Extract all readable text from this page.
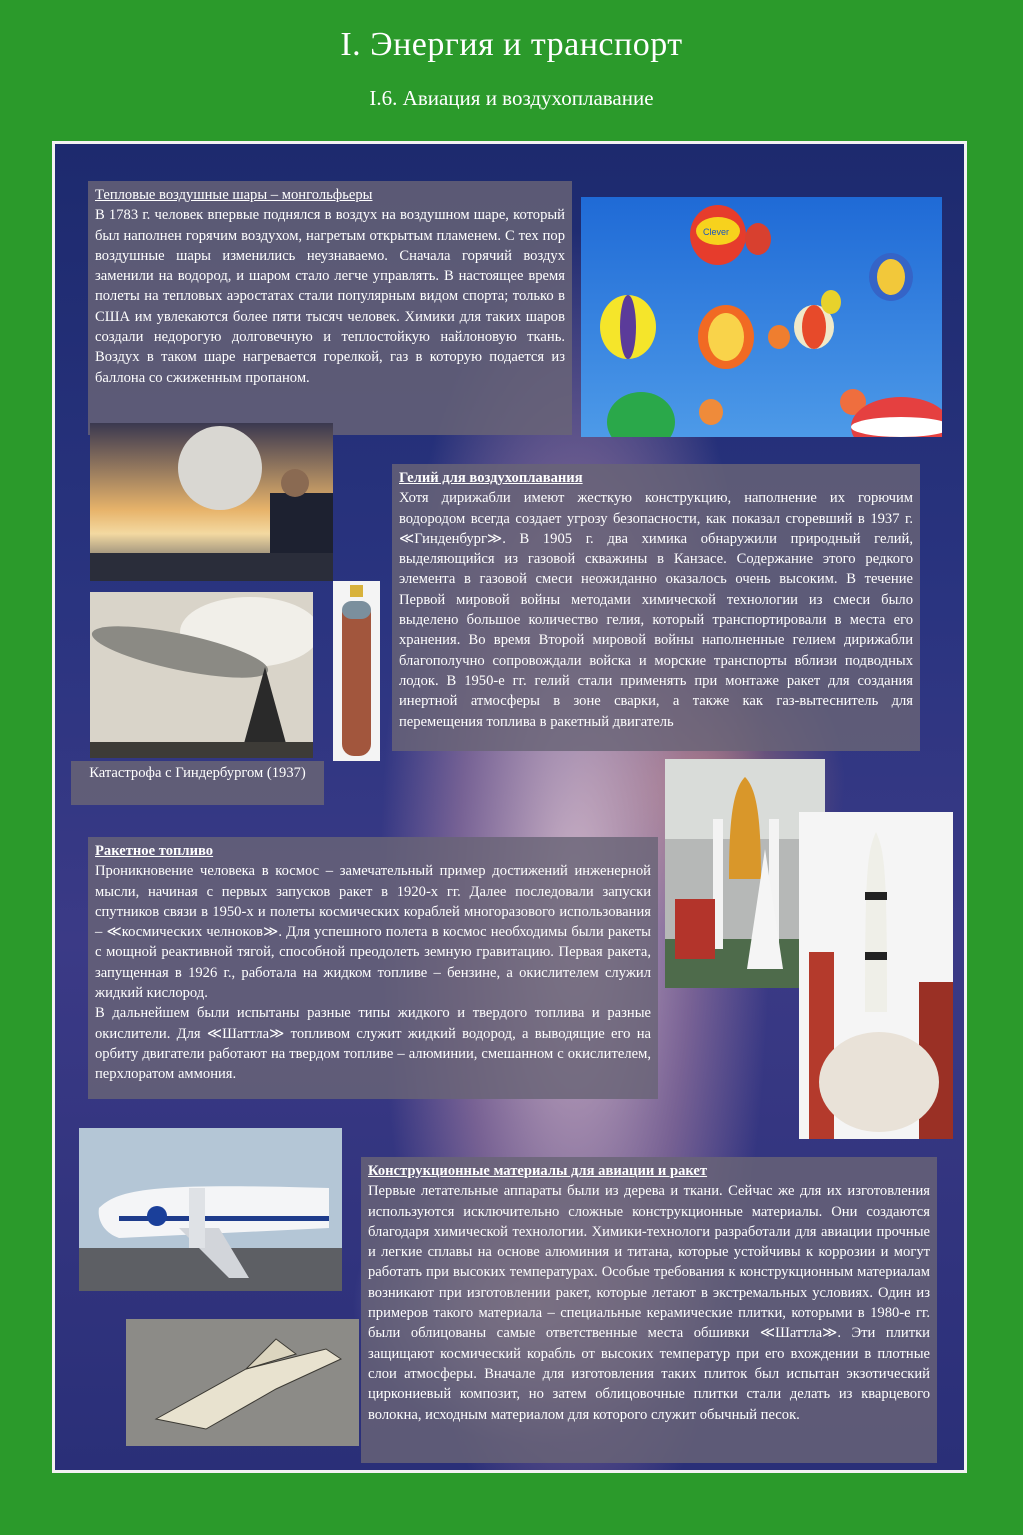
I. Энергия и транспорт
I.6. Авиация и воздухоплавание
Тепловые воздушные шары – монгольфьеры
В 1783 г. человек впервые поднялся в воздух на воздушном шаре, который был наполнен горячим воздухом, нагретым открытым пламенем. С тех пор воздушные шары изменились неузнаваемо. Сначала горячий воздух заменили на водород, и шаром стало легче управлять. В настоящее время полеты на тепловых аэростатах стали популярным видом спорта; только в США им увлекаются более пяти тысяч человек. Химики для таких шаров создали недорогую долговечную и теплостойкую найлоновую ткань. Воздух в таком шаре нагревается горелкой, газ в которую подается из баллона со сжиженным пропаном.
Clever
Гелий для воздухоплавания
Хотя дирижабли имеют жесткую конструкцию, наполнение их горючим водородом всегда создает угрозу безопасности, как показал сгоревший в 1937 г. ≪Гинденбург≫. В 1905 г. два химика обнаружили природный гелий, выделяющийся из газовой скважины в Канзасе. Содержание этого редкого элемента в газовой смеси неожиданно оказалось очень высоким. В течение Первой мировой войны методами химической технологии из смеси было выделено большое количество гелия, который транспортировали в места его хранения. Во время Второй мировой войны наполненные гелием дирижабли благополучно сопровождали войска и морские транспорты вблизи подводных лодок. В 1950-е гг. гелий стали применять при монтаже ракет для создания инертной атмосферы в зоне сварки, а также как газ-вытеснитель для перемещения топлива в ракетный двигатель
Катастрофа с Гиндербургом (1937)
Ракетное топливо
Проникновение человека в космос – замечательный пример достижений инженерной мысли, начиная с первых запусков ракет в 1920-х гг. Далее последовали запуски спутников связи в 1950-х и полеты космических кораблей многоразового использования – ≪космических челноков≫. Для успешного полета в космос необходимы были ракеты с мощной реактивной тягой, способной преодолеть земную гравитацию. Первая ракета, запущенная в 1926 г., работала на жидком топливе – бензине, а окислителем служил жидкий кислород.
В дальнейшем были испытаны разные типы жидкого и твердого топлива и разные окислители. Для ≪Шаттла≫ топливом служит жидкий водород, а выводящие его на орбиту двигатели работают на твердом топливе – алюминии, смешанном с окислителем, перхлоратом аммония.
Конструкционные материалы для авиации и ракет
Первые летательные аппараты были из дерева и ткани. Сейчас же для их изготовления используются исключительно сложные конструкционные материалы. Они создаются благодаря химической технологии. Химики-технологи разработали для авиации прочные и легкие сплавы на основе алюминия и титана, которые устойчивы к коррозии и могут работать при высоких температурах. Особые требования к конструкционным материалам возникают при изготовлении ракет, которые летают в экстремальных условиях. Один из примеров такого материала – специальные керамические плитки, которыми в 1980-е гг. были облицованы самые ответственные места обшивки ≪Шаттла≫. Эти плитки защищают космический корабль от высоких температур при его вхождении в плотные слои атмосферы. Вначале для изготовления таких плиток был испытан экзотический циркониевый композит, но затем облицовочные плитки стали делать из кварцевого волокна, исходным материалом для которого служит обычный песок.
